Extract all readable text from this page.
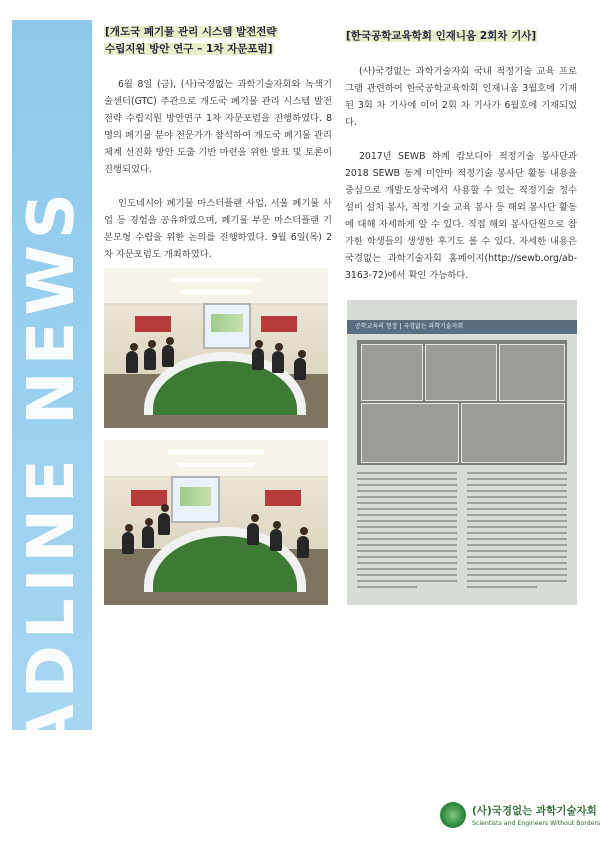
HEADLINE NEWS
[개도국 폐기물 관리 시스템 발전전략
수립지원 방안 연구 – 1차 자문포럼]

6월 8일 (금), (사)국경없는 과학기술자회와 녹색기술센터(GTC) 주관으로 개도국 폐기물 관리 시스템 발전전략 수립지원 방안연구 1차 자문포럼을 진행하였다. 8명의 폐기물 분야 전문가가 참석하여 개도국 폐기물 관리체계 선진화 방안 도출 기반 마련을 위한 발표 및 토론이 진행되었다.

인도네시아 폐기물 마스터플랜 사업, 서울 폐기물 사업 등 경험을 공유하였으며, 폐기물 부문 마스터플랜 기본모형 수립을 위한 논의를 진행하였다. 9월 6일(목) 2차 자문포럼도 개최하였다.

[한국공학교육학회 인재니움 2회차 기사]

(사)국경없는 과학기술자회 국내 적정기술 교육 프로그램 관련하여 한국공학교육학회 인재니움 3월호에 기재된 3회 차 기사에 이어 2회 차 기사가 6월호에 기재되었다.

2017년 SEWB 하계 캄보디아 적정기술 봉사단과 2018 SEWB 동계 미얀마 적정기술 봉사단 활동 내용을 중심으로 개발도상국에서 사용할 수 있는 적정기술 정수 설비 설치 봉사, 적정 기술 교육 봉사 등 해외 봉사단 활동에 대해 자세하게 알 수 있다. 직접 해외 봉사단원으로 참가한 학생들의 생생한 후기도 볼 수 있다. 자세한 내용은 국경없는 과학기술자회 홈페이지(http://sewb.org/ab-3163-72)에서 확인 가능하다.

공학교육의 현장 | 국경없는 과학기술자회
(사)국경없는 과학기술자회
Scientists and Engineers Without Borders
